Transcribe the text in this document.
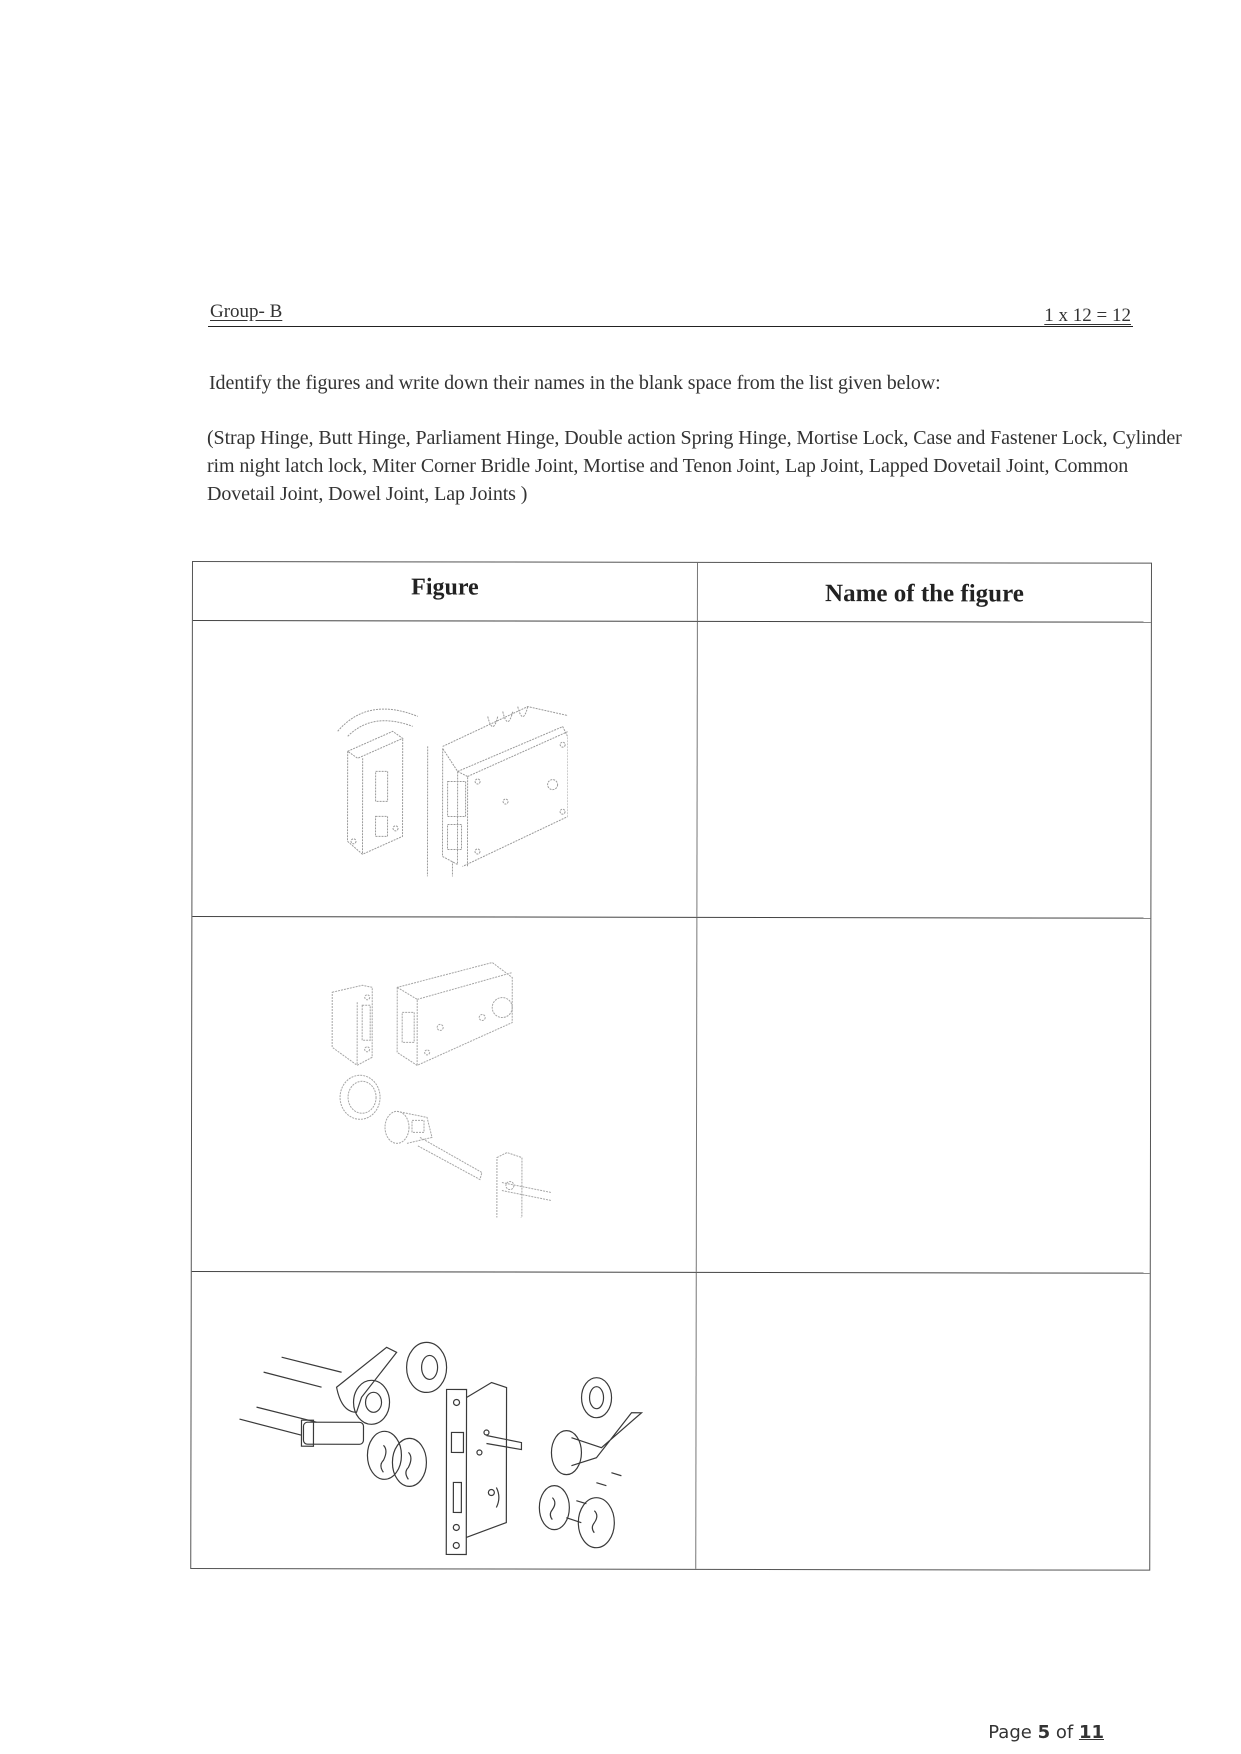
Group- B	1 x 12 = 12
Identify the figures and write down their names in the blank space from the list given below:
(Strap Hinge, Butt Hinge, Parliament Hinge, Double action Spring Hinge, Mortise Lock, Case and Fastener Lock, Cylinder rim night latch lock, Miter Corner Bridle Joint, Mortise and Tenon Joint, Lap Joint, Lapped Dovetail Joint, Common Dovetail Joint, Dowel Joint, Lap Joints )
Figure	Name of the figure
Page 5 of 11
